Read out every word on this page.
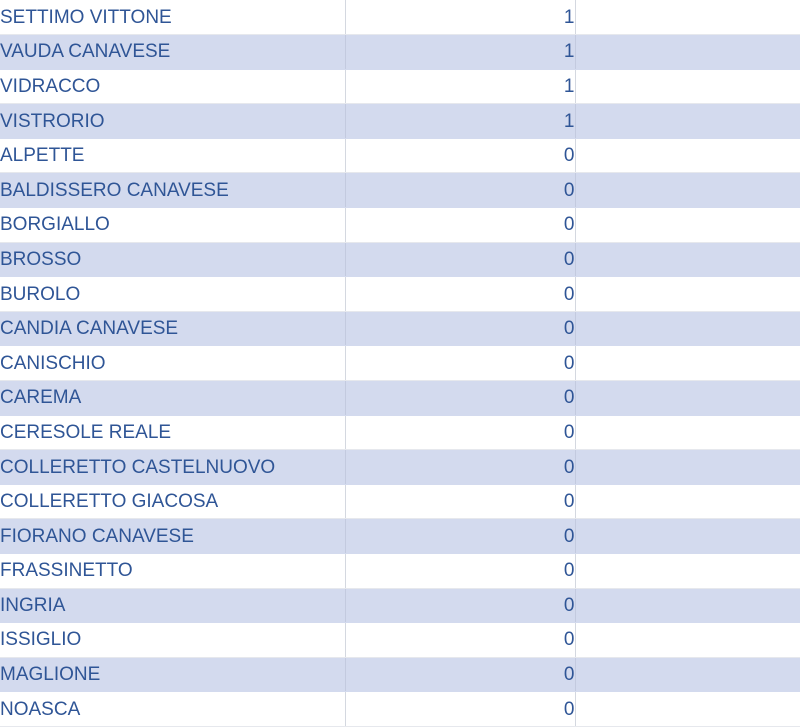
SETTIMO VITTONE	1	
VAUDA CANAVESE	1	
VIDRACCO	1	
VISTRORIO	1	
ALPETTE	0	
BALDISSERO CANAVESE	0	
BORGIALLO	0	
BROSSO	0	
BUROLO	0	
CANDIA CANAVESE	0	
CANISCHIO	0	
CAREMA	0	
CERESOLE REALE	0	
COLLERETTO CASTELNUOVO	0	
COLLERETTO GIACOSA	0	
FIORANO CANAVESE	0	
FRASSINETTO	0	
INGRIA	0	
ISSIGLIO	0	
MAGLIONE	0	
NOASCA	0	
